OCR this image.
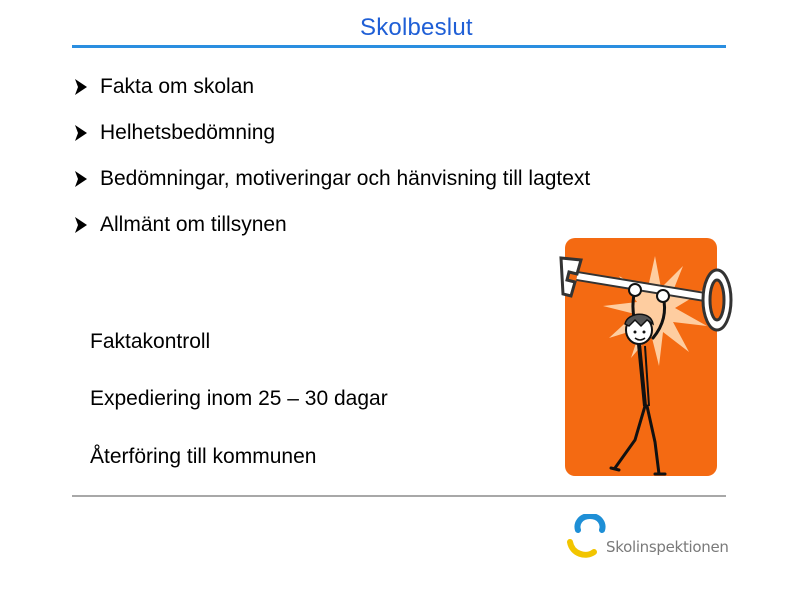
Skolbeslut
Fakta om skolan
Helhetsbedömning
Bedömningar, motiveringar och hänvisning till lagtext
Allmänt om tillsynen
Faktakontroll
Expediering inom 25 – 30 dagar
Återföring till kommunen
Skolinspektionen
